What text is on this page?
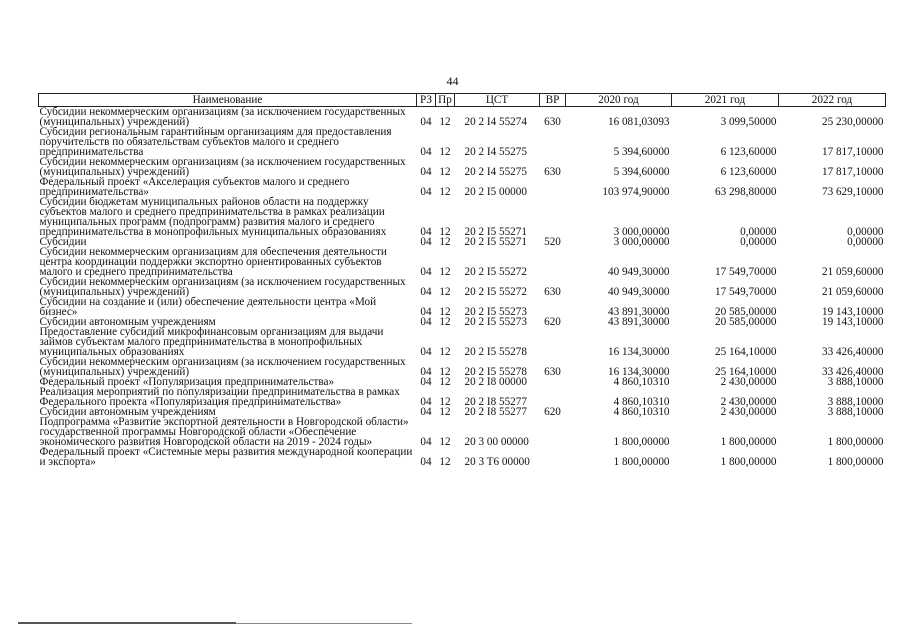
44
Наименование	РЗ	Пр	ЦСТ	ВР	2020 год	2021 год	2022 год
Субсидии некоммерческим организациям (за исключением государственных (муниципальных) учреждений)	04	12	20 2 I4 55274	630	16 081,03093	3 099,50000	25 230,00000
Субсидии региональным гарантийным организациям для предоставления поручительств по обязательствам субъектов малого и среднего предпринимательства	04	12	20 2 I4 55275		5 394,60000	6 123,60000	17 817,10000
Субсидии некоммерческим организациям (за исключением государственных (муниципальных) учреждений)	04	12	20 2 I4 55275	630	5 394,60000	6 123,60000	17 817,10000
Федеральный проект «Акселерация субъектов малого и среднего предпринимательства»	04	12	20 2 I5 00000		103 974,90000	63 298,80000	73 629,10000
Субсидии бюджетам муниципальных районов области на поддержку субъектов малого и среднего предпринимательства в рамках реализации муниципальных программ (подпрограмм) развития малого и среднего предпринимательства в монопрофильных муниципальных образованиях	04	12	20 2 I5 55271		3 000,00000	0,00000	0,00000
Субсидии	04	12	20 2 I5 55271	520	3 000,00000	0,00000	0,00000
Субсидии некоммерческим организациям для обеспечения деятельности центра координации поддержки экспортно ориентированных субъектов малого и среднего предпринимательства	04	12	20 2 I5 55272		40 949,30000	17 549,70000	21 059,60000
Субсидии некоммерческим организациям (за исключением государственных (муниципальных) учреждений)	04	12	20 2 I5 55272	630	40 949,30000	17 549,70000	21 059,60000
Субсидии на создание и (или) обеспечение деятельности центра «Мой бизнес»	04	12	20 2 I5 55273		43 891,30000	20 585,00000	19 143,10000
Субсидии автономным учреждениям	04	12	20 2 I5 55273	620	43 891,30000	20 585,00000	19 143,10000
Предоставление субсидий микрофинансовым организациям для выдачи займов субъектам малого предпринимательства в монопрофильных муниципальных образованиях	04	12	20 2 I5 55278		16 134,30000	25 164,10000	33 426,40000
Субсидии некоммерческим организациям (за исключением государственных (муниципальных) учреждений)	04	12	20 2 I5 55278	630	16 134,30000	25 164,10000	33 426,40000
Федеральный проект «Популяризация предпринимательства»	04	12	20 2 I8 00000		4 860,10310	2 430,00000	3 888,10000
Реализация мероприятий по популяризации предпринимательства в рамках Федерального проекта «Популяризация предпринимательства»	04	12	20 2 I8 55277		4 860,10310	2 430,00000	3 888,10000
Субсидии автономным учреждениям	04	12	20 2 I8 55277	620	4 860,10310	2 430,00000	3 888,10000
Подпрограмма «Развитие экспортной деятельности в Новгородской области» государственной программы Новгородской области «Обеспечение экономического развития Новгородской области на 2019 - 2024 годы»	04	12	20 3 00 00000		1 800,00000	1 800,00000	1 800,00000
Федеральный проект «Системные меры развития международной кооперации и экспорта»	04	12	20 3 T6 00000		1 800,00000	1 800,00000	1 800,00000
